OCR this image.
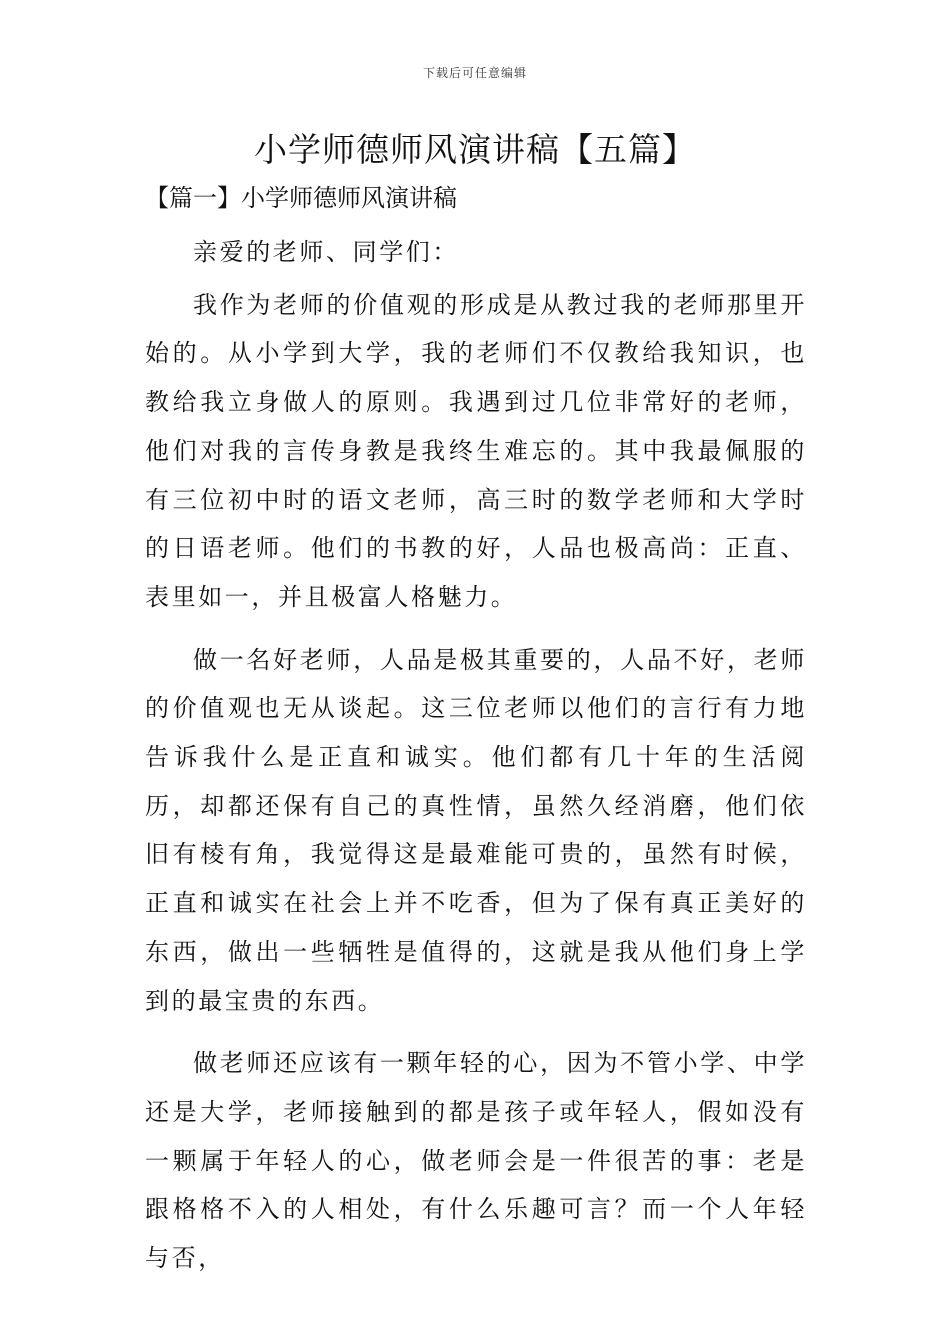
下载后可任意编辑
小学师德师风演讲稿【五篇】
【篇一】小学师德师风演讲稿

亲爱的老师、同学们：

我作为老师的价值观的形成是从教过我的老师那里开始的。从小学到大学，我的老师们不仅教给我知识，也教给我立身做人的原则。我遇到过几位非常好的老师，他们对我的言传身教是我终生难忘的。其中我最佩服的有三位初中时的语文老师，高三时的数学老师和大学时的日语老师。他们的书教的好，人品也极高尚：正直、表里如一，并且极富人格魅力。

做一名好老师，人品是极其重要的，人品不好，老师的价值观也无从谈起。这三位老师以他们的言行有力地告诉我什么是正直和诚实。他们都有几十年的生活阅历，却都还保有自己的真性情，虽然久经消磨，他们依旧有棱有角，我觉得这是最难能可贵的，虽然有时候，正直和诚实在社会上并不吃香，但为了保有真正美好的东西，做出一些牺牲是值得的，这就是我从他们身上学到的最宝贵的东西。

做老师还应该有一颗年轻的心，因为不管小学、中学还是大学，老师接触到的都是孩子或年轻人，假如没有一颗属于年轻人的心，做老师会是一件很苦的事：老是跟格格不入的人相处，有什么乐趣可言？而一个人年轻与否，
